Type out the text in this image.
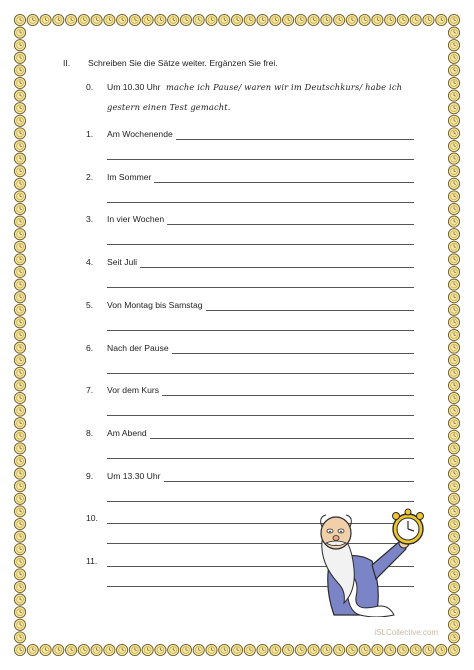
II. Schreiben Sie die Sätze weiter. Ergänzen Sie frei.
0. Um 10.30 Uhr mache ich Pause/ waren wir im Deutschkurs/ habe ich
gestern einen Test gemacht.
1. Am Wochenende
2. Im Sommer
3. In vier Wochen
4. Seit Juli
5. Von Montag bis Samstag
6. Nach der Pause
7. Vor dem Kurs
8. Am Abend
9. Um 13.30 Uhr
10.
11.
iSLCollective.com
